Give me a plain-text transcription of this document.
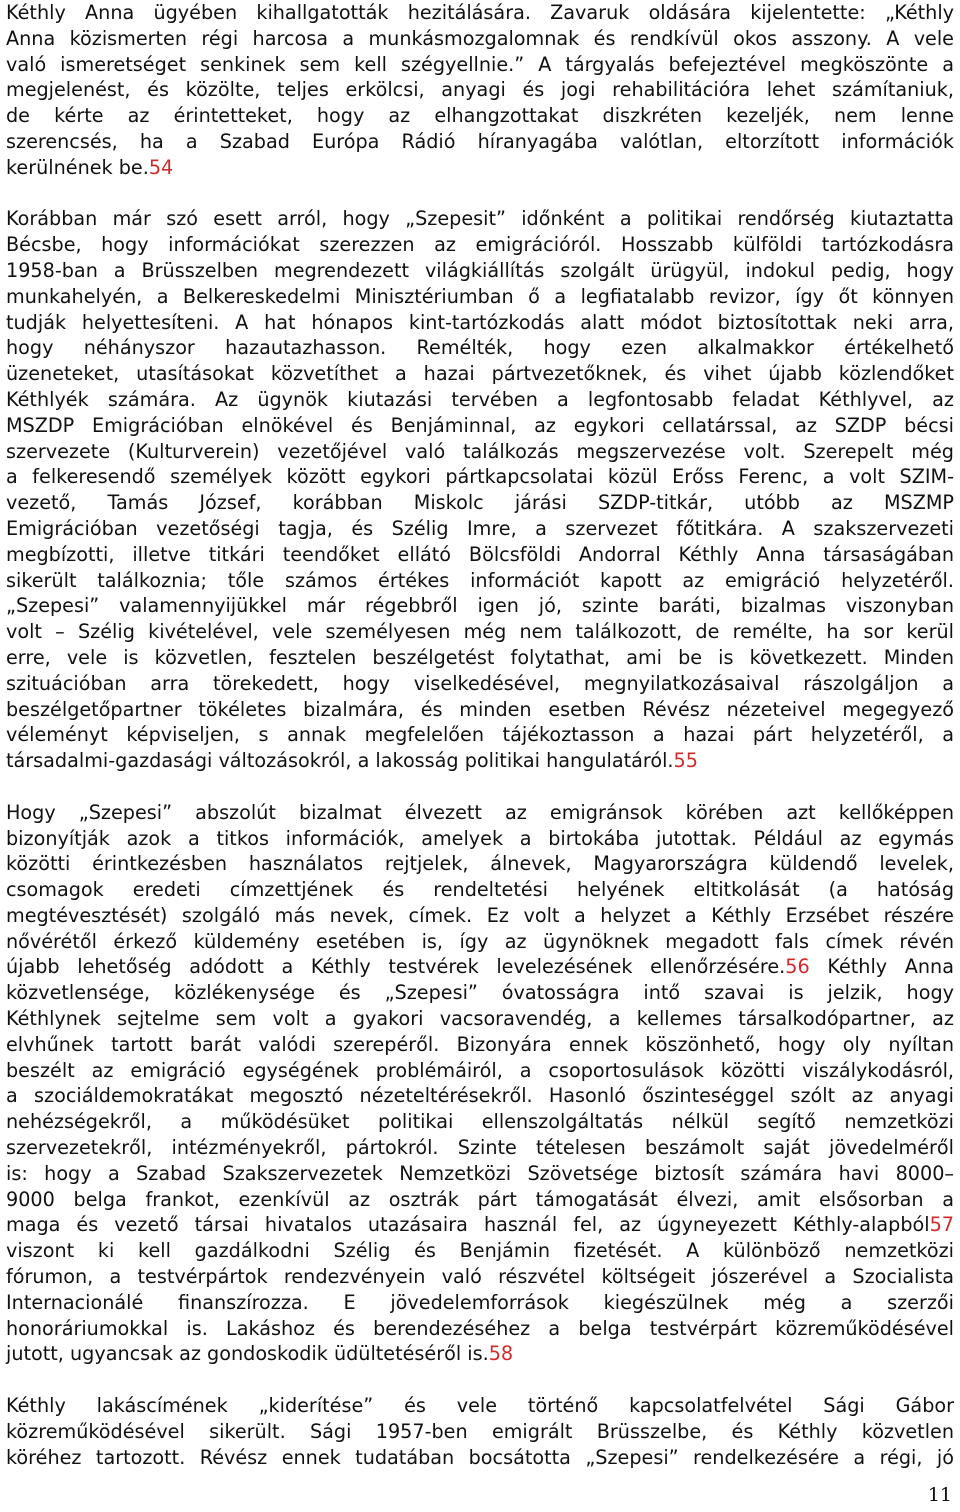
Kéthly Anna ügyében kihallgatották hezitálására. Zavaruk oldására kijelentette: „Kéthly
Anna közismerten régi harcosa a munkásmozgalomnak és rendkívül okos asszony. A vele
való ismeretséget senkinek sem kell szégyellnie.” A tárgyalás befejeztével megköszönte a
megjelenést, és közölte, teljes erkölcsi, anyagi és jogi rehabilitációra lehet számítaniuk,
de kérte az érintetteket, hogy az elhangzottakat diszkréten kezeljék, nem lenne
szerencsés, ha a Szabad Európa Rádió híranyagába valótlan, eltorzított információk
kerülnének be.54
Korábban már szó esett arról, hogy „Szepesit” időnként a politikai rendőrség kiutaztatta
Bécsbe, hogy információkat szerezzen az emigrációról. Hosszabb külföldi tartózkodásra
1958-ban a Brüsszelben megrendezett világkiállítás szolgált ürügyül, indokul pedig, hogy
munkahelyén, a Belkereskedelmi Minisztériumban ő a legfiatalabb revizor, így őt könnyen
tudják helyettesíteni. A hat hónapos kint-tartózkodás alatt módot biztosítottak neki arra,
hogy néhányszor hazautazhasson. Remélték, hogy ezen alkalmakkor értékelhető
üzeneteket, utasításokat közvetíthet a hazai pártvezetőknek, és vihet újabb közlendőket
Kéthlyék számára. Az ügynök kiutazási tervében a legfontosabb feladat Kéthlyvel, az
MSZDP Emigrációban elnökével és Benjáminnal, az egykori cellatárssal, az SZDP bécsi
szervezete (Kulturverein) vezetőjével való találkozás megszervezése volt. Szerepelt még
a felkeresendő személyek között egykori pártkapcsolatai közül Erőss Ferenc, a volt SZIM-
vezető, Tamás József, korábban Miskolc járási SZDP-titkár, utóbb az MSZMP
Emigrációban vezetőségi tagja, és Szélig Imre, a szervezet főtitkára. A szakszervezeti
megbízotti, illetve titkári teendőket ellátó Bölcsföldi Andorral Kéthly Anna társaságában
sikerült találkoznia; tőle számos értékes információt kapott az emigráció helyzetéről.
„Szepesi” valamennyijükkel már régebbről igen jó, szinte baráti, bizalmas viszonyban
volt – Szélig kivételével, vele személyesen még nem találkozott, de remélte, ha sor kerül
erre, vele is közvetlen, fesztelen beszélgetést folytathat, ami be is következett. Minden
szituációban arra törekedett, hogy viselkedésével, megnyilatkozásaival rászolgáljon a
beszélgetőpartner tökéletes bizalmára, és minden esetben Révész nézeteivel megegyező
véleményt képviseljen, s annak megfelelően tájékoztasson a hazai párt helyzetéről, a
társadalmi-gazdasági változásokról, a lakosság politikai hangulatáról.55
Hogy „Szepesi” abszolút bizalmat élvezett az emigránsok körében azt kellőképpen
bizonyítják azok a titkos információk, amelyek a birtokába jutottak. Például az egymás
közötti érintkezésben használatos rejtjelek, álnevek, Magyarországra küldendő levelek,
csomagok eredeti címzettjének és rendeltetési helyének eltitkolását (a hatóság
megtévesztését) szolgáló más nevek, címek. Ez volt a helyzet a Kéthly Erzsébet részére
nővérétől érkező küldemény esetében is, így az ügynöknek megadott fals címek révén
újabb lehetőség adódott a Kéthly testvérek levelezésének ellenőrzésére.56 Kéthly Anna
közvetlensége, közlékenysége és „Szepesi” óvatosságra intő szavai is jelzik, hogy
Kéthlynek sejtelme sem volt a gyakori vacsoravendég, a kellemes társalkodópartner, az
elvhűnek tartott barát valódi szerepéről. Bizonyára ennek köszönhető, hogy oly nyíltan
beszélt az emigráció egységének problémáiról, a csoportosulások közötti viszálykodásról,
a szociáldemokratákat megosztó nézeteltérésekről. Hasonló őszinteséggel szólt az anyagi
nehézségekről, a működésüket politikai ellenszolgáltatás nélkül segítő nemzetközi
szervezetekről, intézményekről, pártokról. Szinte tételesen beszámolt saját jövedelméről
is: hogy a Szabad Szakszervezetek Nemzetközi Szövetsége biztosít számára havi 8000–
9000 belga frankot, ezenkívül az osztrák párt támogatását élvezi, amit elsősorban a
maga és vezető társai hivatalos utazásaira használ fel, az úgyneyezett Kéthly-alapból57
viszont ki kell gazdálkodni Szélig és Benjámin fizetését. A különböző nemzetközi
fórumon, a testvérpártok rendezvényein való részvétel költségeit jószerével a Szocialista
Internacionálé finanszírozza. E jövedelemforrások kiegészülnek még a szerzői
honoráriumokkal is. Lakáshoz és berendezéséhez a belga testvérpárt közreműködésével
jutott, ugyancsak az gondoskodik üdültetéséről is.58
Kéthly lakáscímének „kiderítése” és vele történő kapcsolatfelvétel Sági Gábor
közreműködésével sikerült. Sági 1957-ben emigrált Brüsszelbe, és Kéthly közvetlen
köréhez tartozott. Révész ennek tudatában bocsátotta „Szepesi” rendelkezésére a régi, jó
11
